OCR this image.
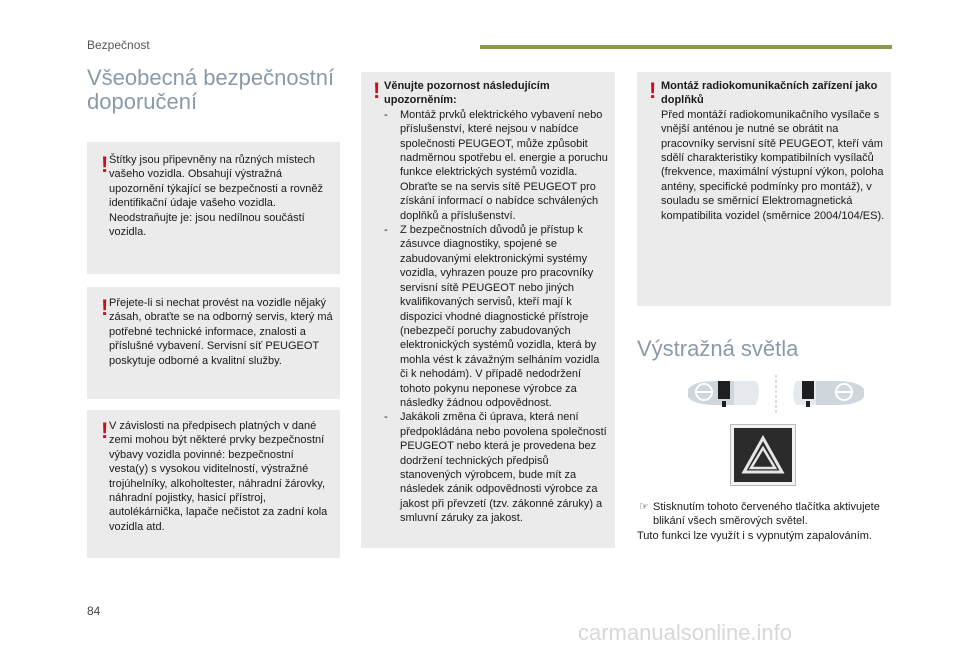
Bezpečnost
Všeobecná bezpečnostní doporučení
! Štítky jsou připevněny na různých místech vašeho vozidla. Obsahují výstražná upozornění týkající se bezpečnosti a rovněž identifikační údaje vašeho vozidla. Neodstraňujte je: jsou nedílnou součástí vozidla.
! Přejete-li si nechat provést na vozidle nějaký zásah, obraťte se na odborný servis, který má potřebné technické informace, znalosti a příslušné vybavení. Servisní síť PEUGEOT poskytuje odborné a kvalitní služby.
! V závislosti na předpisech platných v dané zemi mohou být některé prvky bezpečnostní výbavy vozidla povinné: bezpečnostní vesta(y) s vysokou viditelností, výstražné trojúhelníky, alkoholtester, náhradní žárovky, náhradní pojistky, hasicí přístroj, autolékárnička, lapače nečistot za zadní kola vozidla atd.
! Věnujte pozornost následujícím upozorněním:
- Montáž prvků elektrického vybavení nebo příslušenství, které nejsou v nabídce společnosti PEUGEOT, může způsobit nadměrnou spotřebu el. energie a poruchu funkce elektrických systémů vozidla. Obraťte se na servis sítě PEUGEOT pro získání informací o nabídce schválených doplňků a příslušenství.
- Z bezpečnostních důvodů je přístup k zásuvce diagnostiky, spojené se zabudovanými elektronickými systémy vozidla, vyhrazen pouze pro pracovníky servisní sítě PEUGEOT nebo jiných kvalifikovaných servisů, kteří mají k dispozici vhodné diagnostické přístroje (nebezpečí poruchy zabudovaných elektronických systémů vozidla, která by mohla vést k závažným selháním vozidla či k nehodám). V případě nedodržení tohoto pokynu neponese výrobce za následky žádnou odpovědnost.
- Jakákoli změna či úprava, která není předpokládána nebo povolena společností PEUGEOT nebo která je provedena bez dodržení technických předpisů stanovených výrobcem, bude mít za následek zánik odpovědnosti výrobce za jakost při převzetí (tzv. zákonné záruky) a smluvní záruky za jakost.
! Montáž radiokomunikačních zařízení jako doplňků
Před montáží radiokomunikačního vysílače s vnější anténou je nutné se obrátit na pracovníky servisní sítě PEUGEOT, kteří vám sdělí charakteristiky kompatibilních vysílačů (frekvence, maximální výstupní výkon, poloha antény, specifické podmínky pro montáž), v souladu se směrnicí Elektromagnetická kompatibilita vozidel (směrnice 2004/104/ES).
Výstražná světla
☞ Stisknutím tohoto červeného tlačítka aktivujete blikání všech směrových světel.
Tuto funkci lze využít i s vypnutým zapalováním.
84
carmanualsonline.info
